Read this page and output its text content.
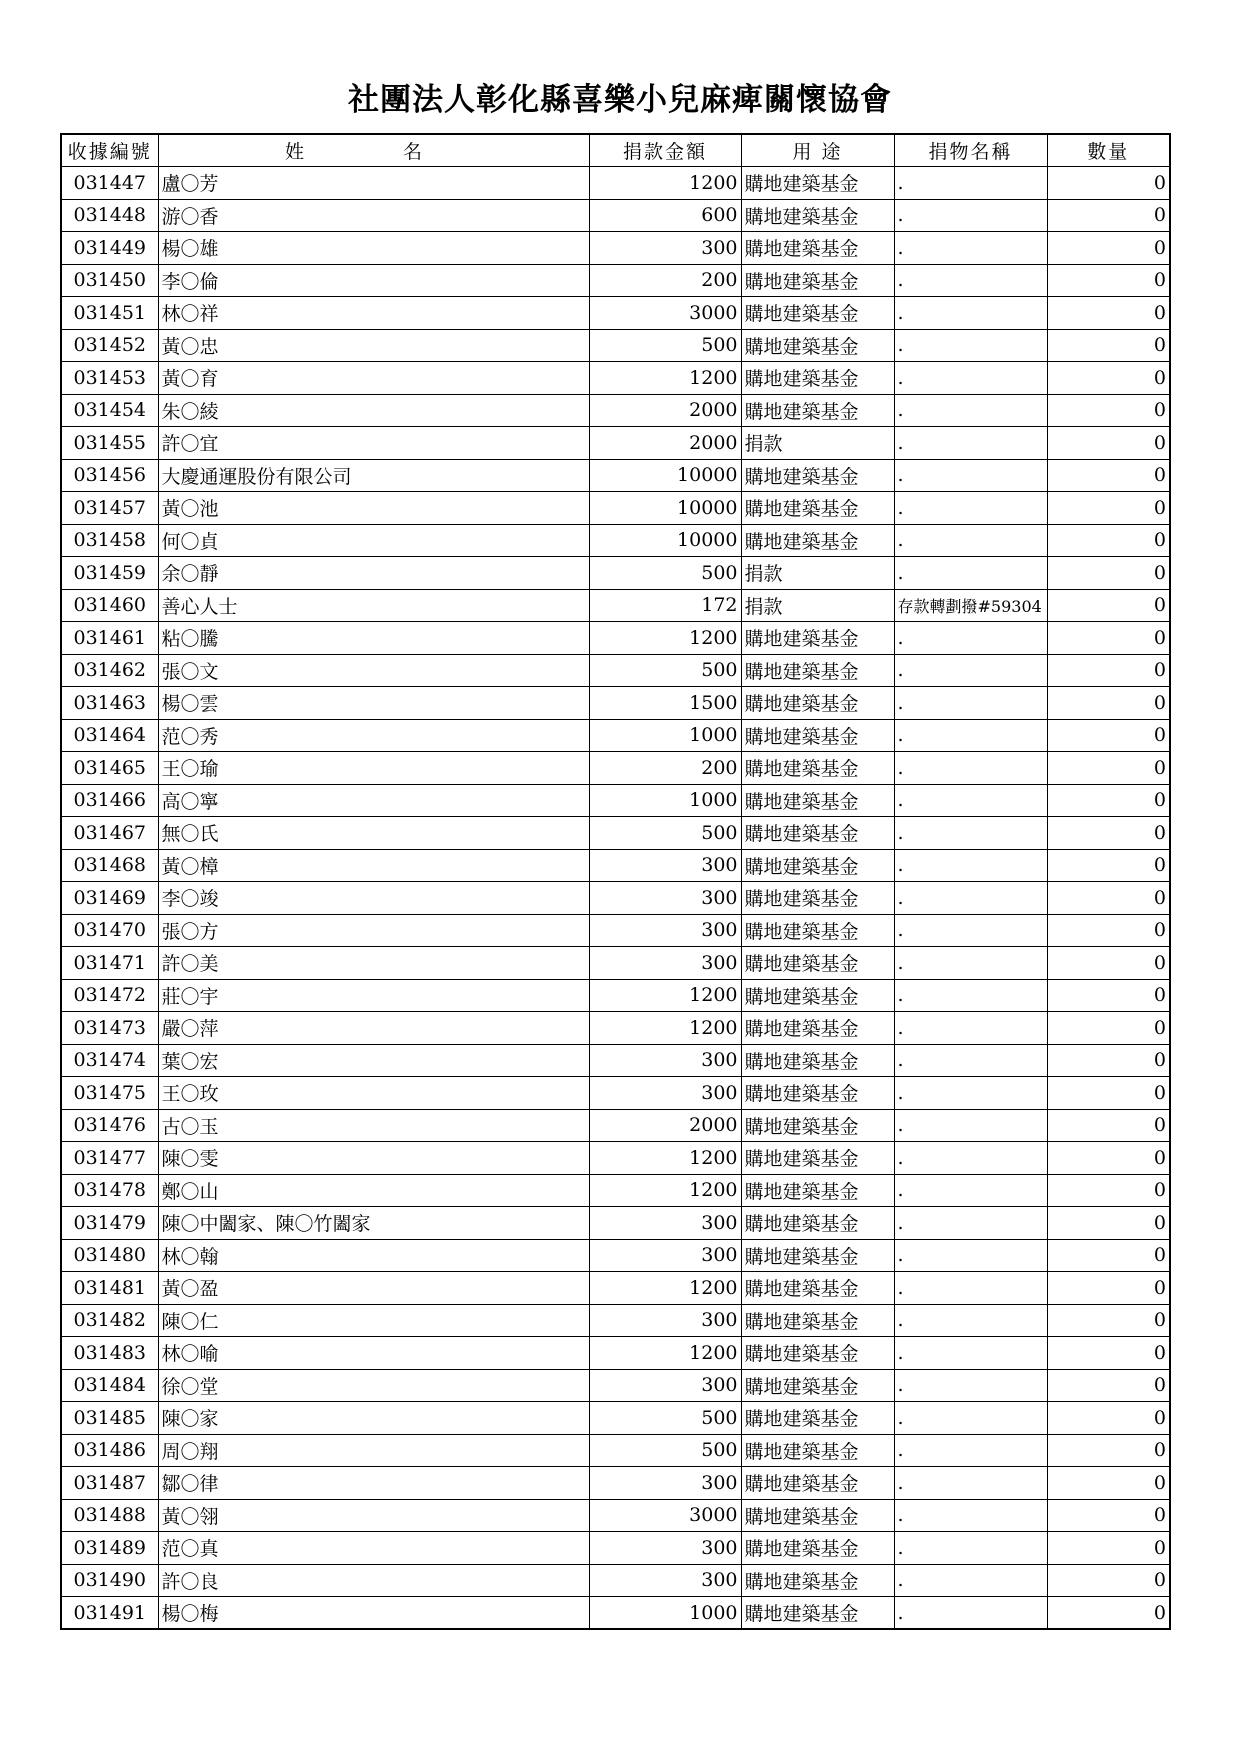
社團法人彰化縣喜樂小兒麻痺關懷協會
收據編號	姓　名	捐款金額	用 途	捐物名稱	數量
031447	盧〇芳	1200	購地建築基金	.	0
031448	游〇香	600	購地建築基金	.	0
031449	楊〇雄	300	購地建築基金	.	0
031450	李〇倫	200	購地建築基金	.	0
031451	林〇祥	3000	購地建築基金	.	0
031452	黃〇忠	500	購地建築基金	.	0
031453	黃〇育	1200	購地建築基金	.	0
031454	朱〇綾	2000	購地建築基金	.	0
031455	許〇宜	2000	捐款	.	0
031456	大慶通運股份有限公司	10000	購地建築基金	.	0
031457	黃〇池	10000	購地建築基金	.	0
031458	何〇貞	10000	購地建築基金	.	0
031459	余〇靜	500	捐款	.	0
031460	善心人士	172	捐款	存款轉劃撥#59304	0
031461	粘〇騰	1200	購地建築基金	.	0
031462	張〇文	500	購地建築基金	.	0
031463	楊〇雲	1500	購地建築基金	.	0
031464	范〇秀	1000	購地建築基金	.	0
031465	王〇瑜	200	購地建築基金	.	0
031466	高〇寧	1000	購地建築基金	.	0
031467	無〇氏	500	購地建築基金	.	0
031468	黃〇樟	300	購地建築基金	.	0
031469	李〇竣	300	購地建築基金	.	0
031470	張〇方	300	購地建築基金	.	0
031471	許〇美	300	購地建築基金	.	0
031472	莊〇宇	1200	購地建築基金	.	0
031473	嚴〇萍	1200	購地建築基金	.	0
031474	葉〇宏	300	購地建築基金	.	0
031475	王〇玫	300	購地建築基金	.	0
031476	古〇玉	2000	購地建築基金	.	0
031477	陳〇雯	1200	購地建築基金	.	0
031478	鄭〇山	1200	購地建築基金	.	0
031479	陳〇中闔家、陳〇竹闔家	300	購地建築基金	.	0
031480	林〇翰	300	購地建築基金	.	0
031481	黃〇盈	1200	購地建築基金	.	0
031482	陳〇仁	300	購地建築基金	.	0
031483	林〇喻	1200	購地建築基金	.	0
031484	徐〇堂	300	購地建築基金	.	0
031485	陳〇家	500	購地建築基金	.	0
031486	周〇翔	500	購地建築基金	.	0
031487	鄒〇律	300	購地建築基金	.	0
031488	黃〇翎	3000	購地建築基金	.	0
031489	范〇真	300	購地建築基金	.	0
031490	許〇良	300	購地建築基金	.	0
031491	楊〇梅	1000	購地建築基金	.	0
